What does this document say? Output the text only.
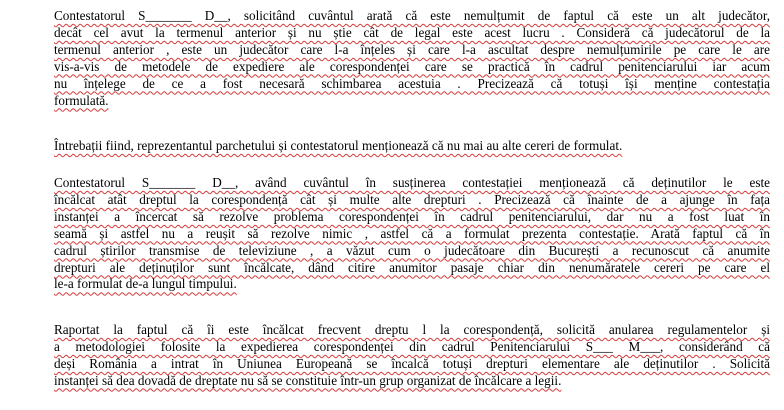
Contestatorul S_______ D__, solicitând cuvântul arată că este nemulțumit de faptul că este un alt judecător,
decât cel avut la termenul anterior și nu știe cât de legal este acest lucru . Consideră că judecătorul de la
termenul anterior , este un judecător care l-a înțeles și care l-a ascultat despre nemulțumirile pe care le are
vis-a-vis de metodele de expediere ale corespondenței care se practică în cadrul penitenciarului iar acum
nu înțelege de ce a fost necesară schimbarea acestuia . Precizează că totuși își menține contestația
formulată.
Întrebații fiind, reprezentantul parchetului și contestatorul menționează că nu mai au alte cereri de formulat.
Contestatorul S_______ D__, având cuvântul în susținerea contestației menționează că deținutilor le este
încălcat atât dreptul la corespondență cât și multe alte drepturi . Precizează că înainte de a ajunge în fața
instanței a încercat să rezolve problema corespondenței în cadrul penitenciarului, dar nu a fost luat în
seamă și astfel nu a reușit să rezolve nimic , astfel că a formulat prezenta contestație. Arată faptul că în
cadrul știrilor transmise de televiziune , a văzut cum o judecătoare din București a recunoscut că anumite
drepturi ale deținuților sunt încălcate, dând citire anumitor pasaje chiar din nenumăratele cereri pe care el
le-a formulat de-a lungul timpului.
Raportat la faptul că îi este încălcat frecvent dreptu l la corespondență, solicită anularea regulamentelor și
a metodologiei folosite la expedierea corespondenței din cadrul Penitenciarului S___ M___, considerând că
deși România a intrat în Uniunea Europeană se încalcă totuși drepturi elementare ale deținutilor . Solicită
instanței să dea dovadă de dreptate nu să se constituie într-un grup organizat de încălcare a legii.
